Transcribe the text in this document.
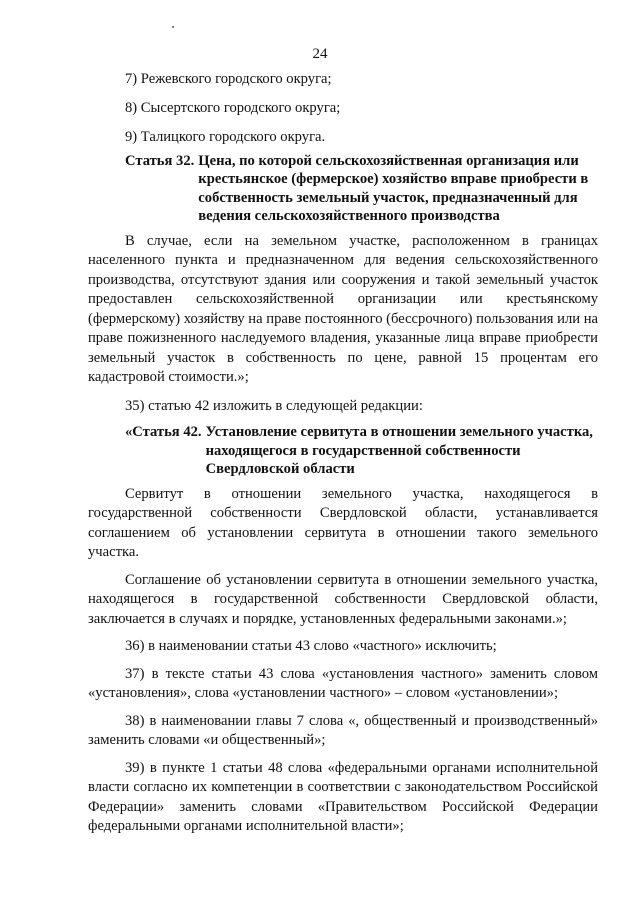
24

7) Режевского городского округа;

8) Сысертского городского округа;

9) Талицкого городского округа.

Статья 32. Цена, по которой сельскохозяйственная организация или крестьянское (фермерское) хозяйство вправе приобрести в собственность земельный участок, предназначенный для ведения сельскохозяйственного производства

В случае, если на земельном участке, расположенном в границах населенного пункта и предназначенном для ведения сельскохозяйственного производства, отсутствуют здания или сооружения и такой земельный участок предоставлен сельскохозяйственной организации или крестьянскому (фермерскому) хозяйству на праве постоянного (бессрочного) пользования или на праве пожизненного наследуемого владения, указанные лица вправе приобрести земельный участок в собственность по цене, равной 15 процентам его кадастровой стоимости.»;

35) статью 42 изложить в следующей редакции:

«Статья 42. Установление сервитута в отношении земельного участка, находящегося в государственной собственности Свердловской области

Сервитут в отношении земельного участка, находящегося в государственной собственности Свердловской области, устанавливается соглашением об установлении сервитута в отношении такого земельного участка.

Соглашение об установлении сервитута в отношении земельного участка, находящегося в государственной собственности Свердловской области, заключается в случаях и порядке, установленных федеральными законами.»;

36) в наименовании статьи 43 слово «частного» исключить;

37) в тексте статьи 43 слова «установления частного» заменить словом «установления», слова «установлении частного» – словом «установлении»;

38) в наименовании главы 7 слова «, общественный и производственный» заменить словами «и общественный»;

39) в пункте 1 статьи 48 слова «федеральными органами исполнительной власти согласно их компетенции в соответствии с законодательством Российской Федерации» заменить словами «Правительством Российской Федерации федеральными органами исполнительной власти»;
